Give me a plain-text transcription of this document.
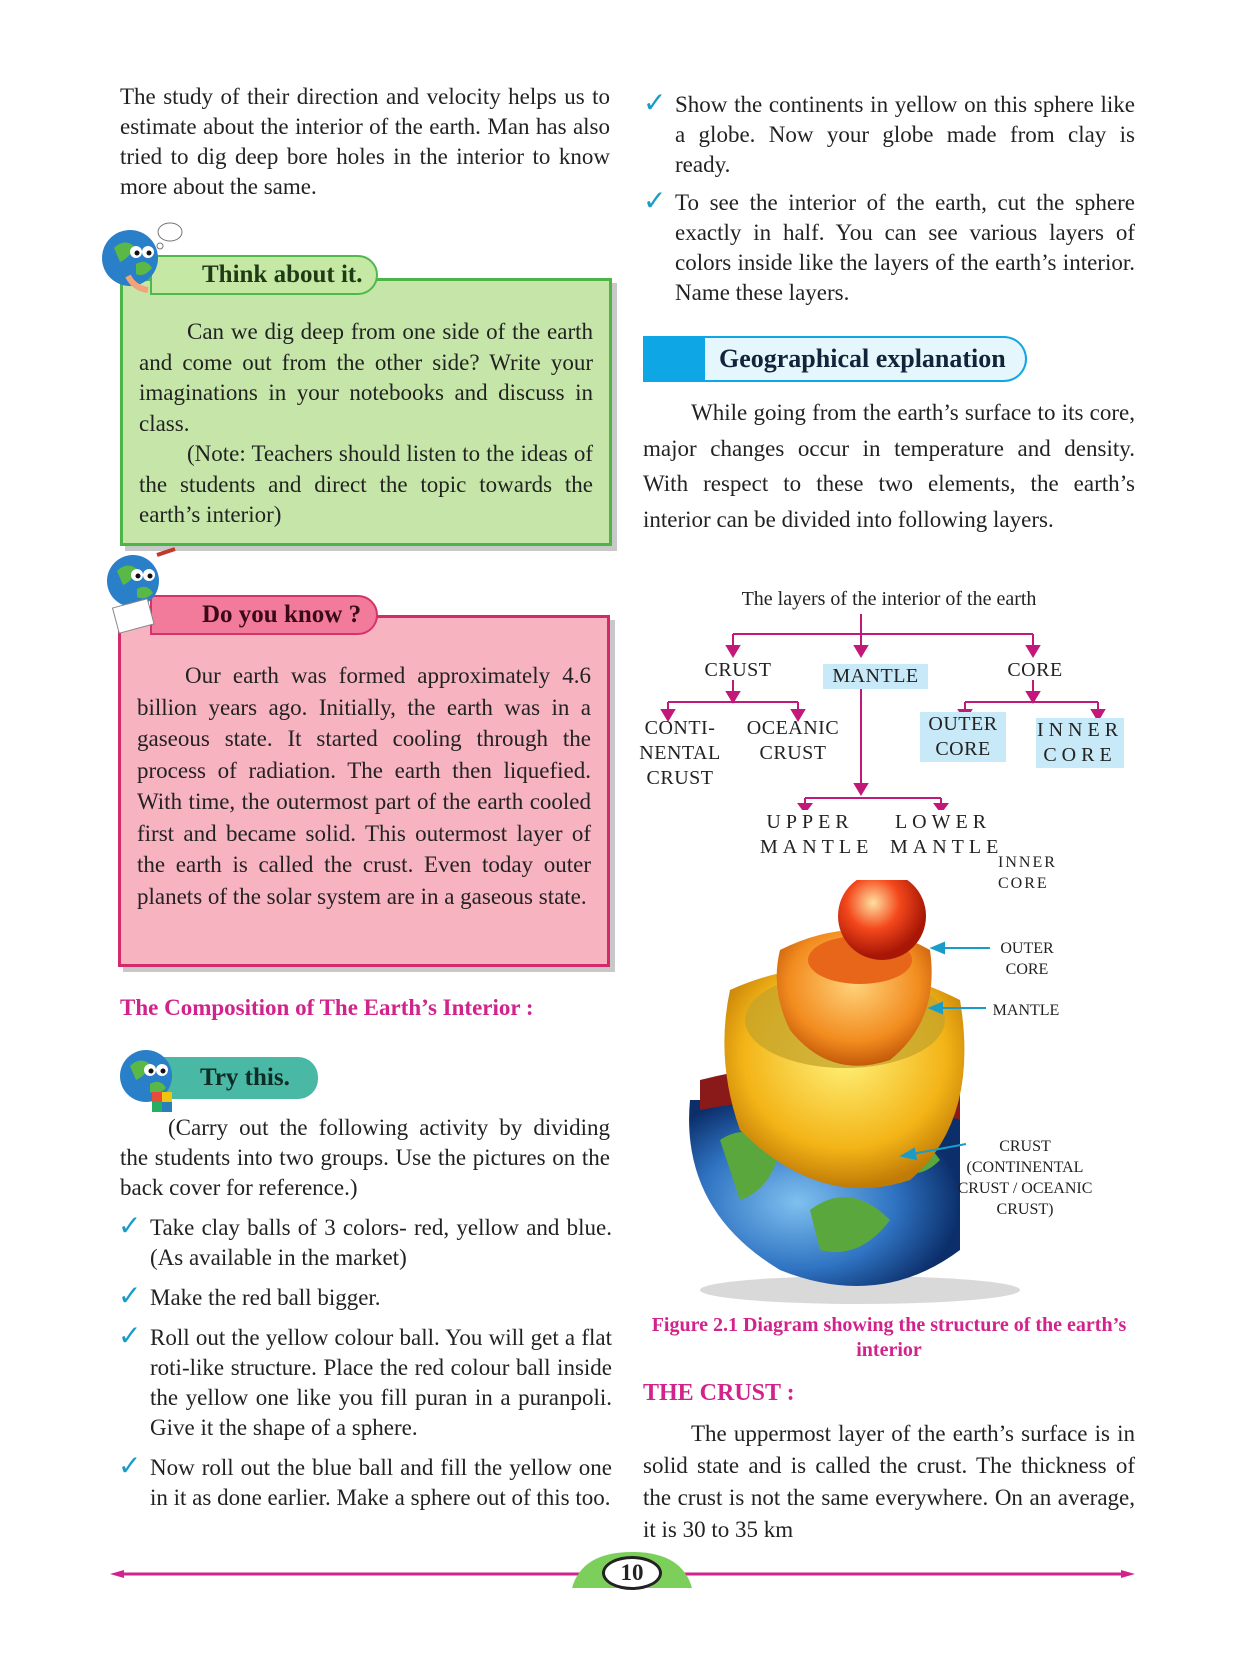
The study of their direction and velocity helps us to estimate about the interior of the earth. Man has also tried to dig deep bore holes in the interior to know more about the same.

Can we dig deep from one side of the earth and come out from the other side? Write your imaginations in your notebooks and discuss in class.

(Note: Teachers should listen to the ideas of the students and direct the topic towards the earth’s interior)

Think about it.

Our earth was formed approximately 4.6 billion years ago. Initially, the earth was in a gaseous state. It started cooling through the process of radiation. The earth then liquefied. With time, the outermost part of the earth cooled first and became solid. This outermost layer of the earth is called the crust. Even today outer planets of the solar system are in a gaseous state.

Do you know ?
The Composition of The Earth’s Interior :
Try this.

(Carry out the following activity by dividing the students into two groups. Use the pictures on the back cover for reference.)

✓ Take clay balls of 3 colors- red, yellow and blue. (As available in the market)
✓ Make the red ball bigger.
✓ Roll out the yellow colour ball. You will get a flat roti-like structure. Place the red colour ball inside the yellow one like you fill puran in a puranpoli. Give it the shape of a sphere.
✓ Now roll out the blue ball and fill the yellow one in it as done earlier. Make a sphere out of this too.
✓ Show the continents in yellow on this sphere like a globe. Now your globe made from clay is ready.
✓ To see the interior of the earth, cut the sphere exactly in half. You can see various layers of colors inside like the layers of the earth’s interior. Name these layers.
Geographical explanation

While going from the earth’s surface to its core, major changes occur in temperature and density. With respect to these two elements, the earth’s interior can be divided into following layers.

The layers of the interior of the earth
CRUST	MANTLE	CORE
CONTI- NENTAL CRUST
OCEANIC CRUST
OUTER CORE
INNER CORE
UPPER MANTLE
LOWER MANTLE
INNER CORE
OUTER CORE
MANTLE
CRUST (CONTINENTAL CRUST / OCEANIC CRUST)
Figure 2.1 Diagram showing the structure of the earth’s interior
THE CRUST :

The uppermost layer of the earth’s surface is in solid state and is called the crust. The thickness of the crust is not the same everywhere. On an average, it is 30 to 35 km

10
